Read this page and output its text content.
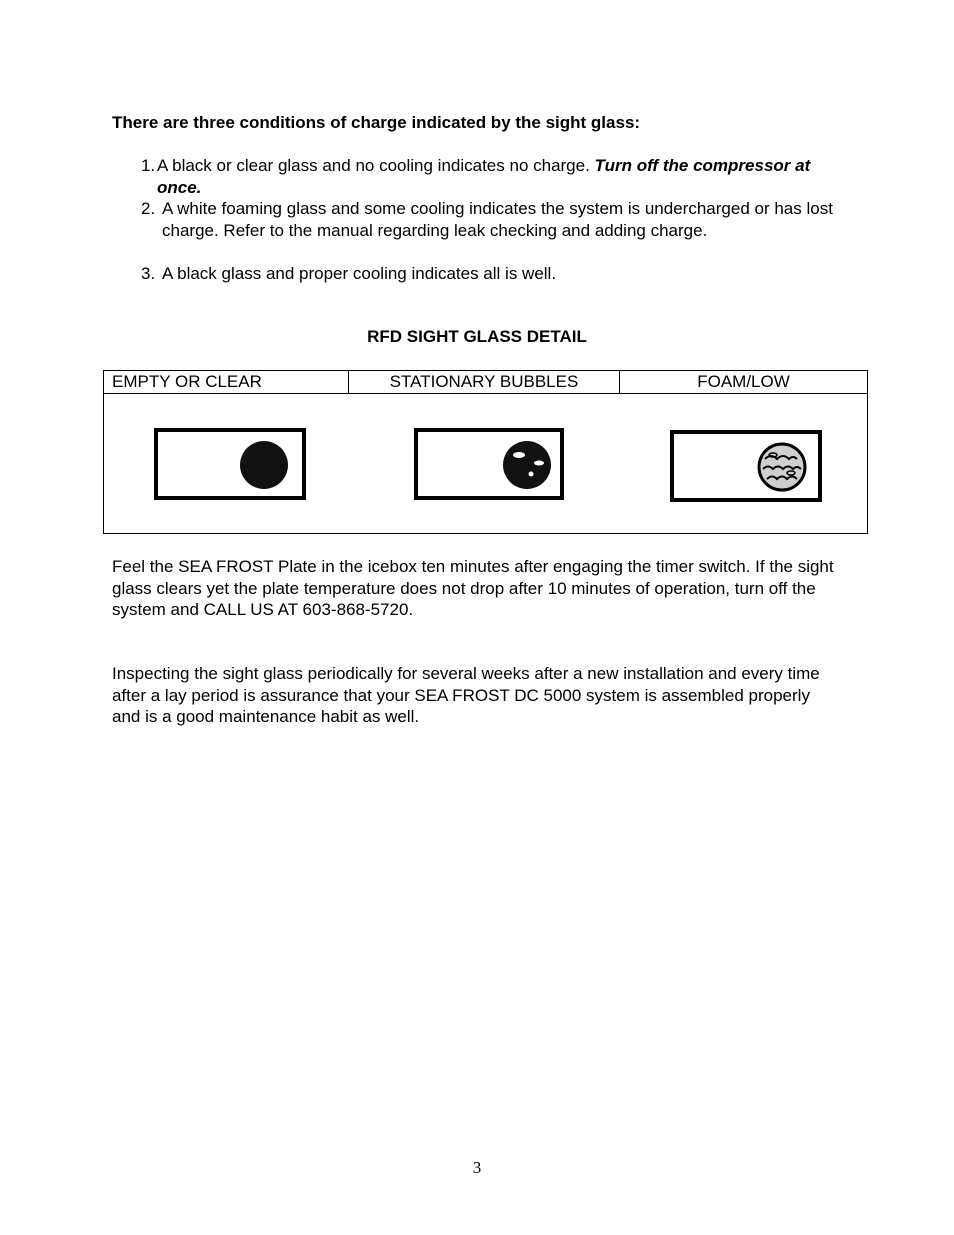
There are three conditions of charge indicated by the sight glass:
1. A black or clear glass and no cooling indicates no charge. Turn off the compressor at once.
2. A white foaming glass and some cooling indicates the system is undercharged or has lost charge. Refer to the manual regarding leak checking and adding charge.
3. A black glass and proper cooling indicates all is well.
RFD SIGHT GLASS DETAIL
EMPTY OR CLEAR	STATIONARY BUBBLES	FOAM/LOW
Feel the SEA FROST Plate in the icebox ten minutes after engaging the timer switch. If the sight glass clears yet the plate temperature does not drop after 10 minutes of operation, turn off the system and CALL US AT 603-868-5720.
Inspecting the sight glass periodically for several weeks after a new installation and every time after a lay period is assurance that your SEA FROST DC 5000 system is assembled properly and is a good maintenance habit as well.
3
